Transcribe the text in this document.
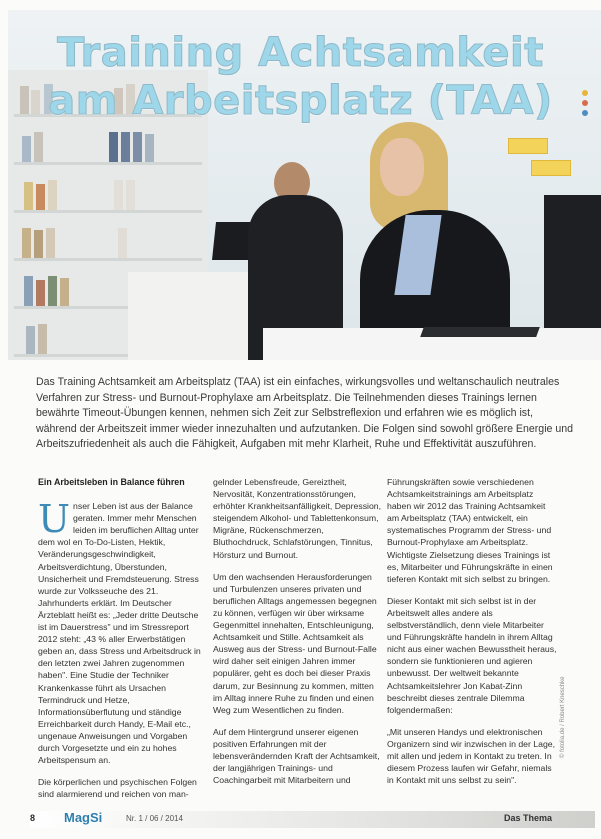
Training Achtsamkeit
am Arbeitsplatz (TAA)
Das Training Achtsamkeit am Arbeitsplatz (TAA) ist ein einfaches, wirkungsvolles und weltanschaulich neutrales Verfahren zur Stress- und Burnout-Prophylaxe am Arbeitsplatz. Die Teilnehmenden dieses Trainings lernen bewährte Timeout-Übungen kennen, nehmen sich Zeit zur Selbstreflexion und erfahren wie es möglich ist, während der Arbeitszeit immer wieder innezuhalten und aufzutanken. Die Folgen sind sowohl größere Energie und Arbeitszufriedenheit als auch die Fähigkeit, Aufgaben mit mehr Klarheit, Ruhe und Effektivität auszuführen.
Ein Arbeitsleben in Balance führen

Unser Leben ist aus der Balance geraten. Immer mehr Menschen leiden im beruflichen Alltag unter dem wol en To-Do-Listen, Hektik, Veränderungsgeschwindigkeit, Arbeitsverdichtung, Überstunden, Unsicherheit und Fremdsteuerung. Stress wurde zur Volksseuche des 21. Jahrhunderts erklärt. Im Deutscher Ärzteblatt heißt es: „Jeder dritte Deutsche ist im Dauerstress" und im Stressreport 2012 steht: „43 % aller Erwerbstätigen geben an, dass Stress und Arbeitsdruck in den letzten zwei Jahren zugenommen haben". Eine Studie der Techniker Krankenkasse führt als Ursachen Termindruck und Hetze, Informationsüberflutung und ständige Erreichbarkeit durch Handy, E-Mail etc., ungenaue Anweisungen und Vorgaben durch Vorgesetzte und ein zu hohes Arbeitspensum an.

Die körperlichen und psychischen Folgen sind alarmierend und reichen von man-

gelnder Lebensfreude, Gereiztheit, Nervosität, Konzentrationsstörungen, erhöhter Krankheitsanfälligkeit, Depression, steigendem Alkohol- und Tablettenkonsum, Migräne, Rückenschmerzen, Bluthochdruck, Schlafstörungen, Tinnitus, Hörsturz und Burnout.

Um den wachsenden Herausforderungen und Turbulenzen unseres privaten und beruflichen Alltags angemessen begegnen zu können, verfügen wir über wirksame Gegenmittel innehalten, Entschleunigung, Achtsamkeit und Stille. Achtsamkeit als Ausweg aus der Stress- und Burnout-Falle wird daher seit einigen Jahren immer populärer, geht es doch bei dieser Praxis darum, zur Besinnung zu kommen, mitten im Alltag innere Ruhe zu finden und einen Weg zum Wesentlichen zu finden.

Auf dem Hintergrund unserer eigenen positiven Erfahrungen mit der lebensverändernden Kraft der Achtsamkeit, der langjährigen Trainings- und Coachingarbeit mit Mitarbeitern und

Führungskräften sowie verschiedenen Achtsamkeitstrainings am Arbeitsplatz haben wir 2012 das Training Achtsamkeit am Arbeitsplatz (TAA) entwickelt, ein systematisches Programm der Stress- und Burnout-Prophylaxe am Arbeitsplatz. Wichtigste Zielsetzung dieses Trainings ist es, Mitarbeiter und Führungskräfte in einen tieferen Kontakt mit sich selbst zu bringen.

Dieser Kontakt mit sich selbst ist in der Arbeitswelt alles andere als selbstverständlich, denn viele Mitarbeiter und Führungskräfte handeln in ihrem Alltag nicht aus einer wachen Bewusstheit heraus, sondern sie funktionieren und agieren unbewusst. Der weltweit bekannte Achtsamkeitslehrer Jon Kabat-Zinn beschreibt dieses zentrale Dilemma folgendermaßen:

„Mit unseren Handys und elektronischen Organizern sind wir inzwischen in der Lage, mit allen und jedem in Kontakt zu treten. In diesem Prozess laufen wir Gefahr, niemals in Kontakt mit uns selbst zu sein".

© fotolia.de / Robert Kneschke
8 MagSi	Nr. 1 / 06 / 2014	Das Thema
